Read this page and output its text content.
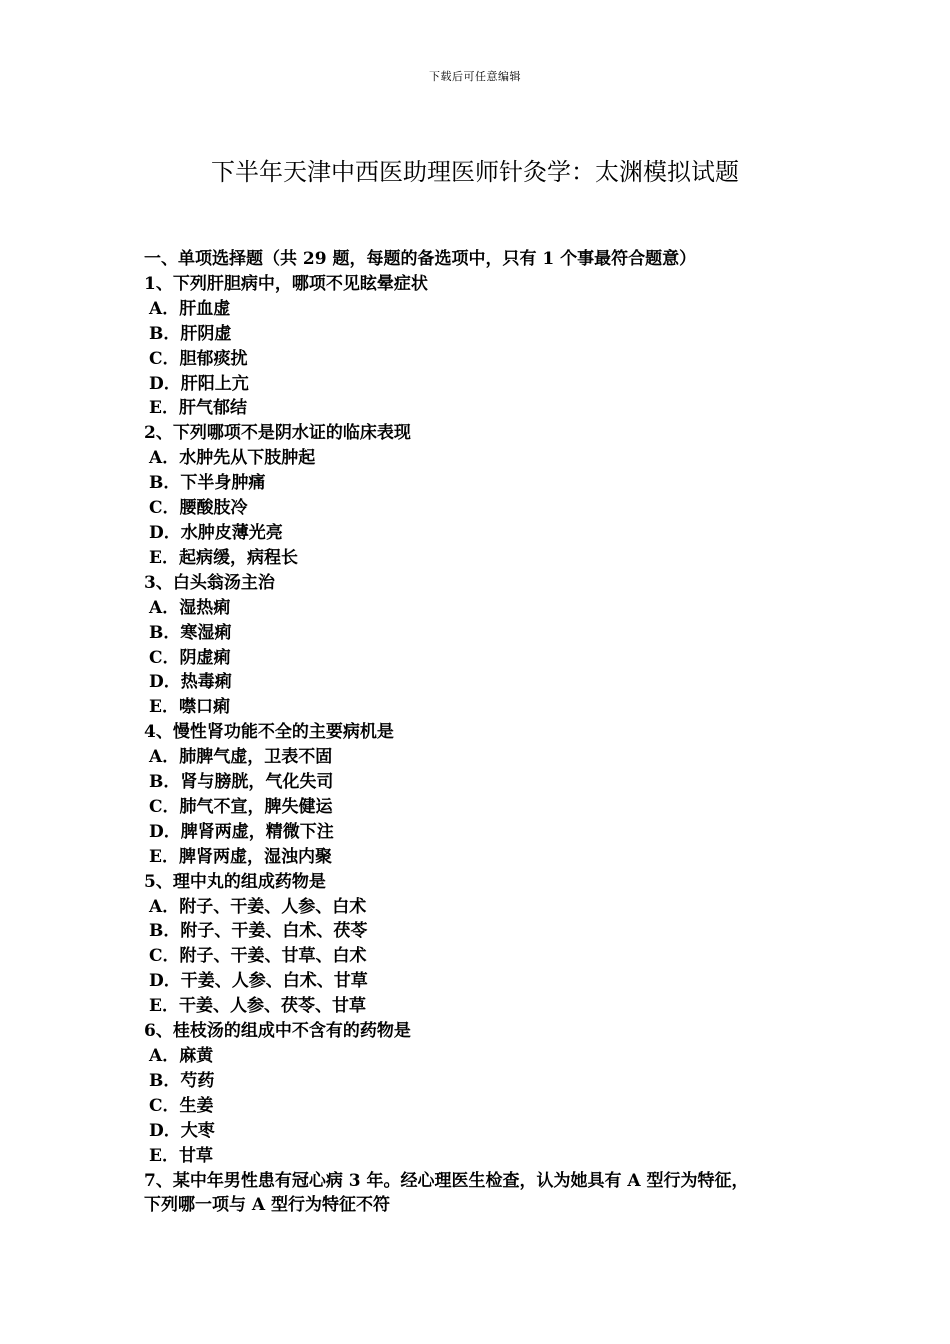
下载后可任意编辑
下半年天津中西医助理医师针灸学：太渊模拟试题
一、单项选择题（共 29 题，每题的备选项中，只有 1 个事最符合题意）
1、下列肝胆病中，哪项不见眩晕症状
A．肝血虚
B．肝阴虚
C．胆郁痰扰
D．肝阳上亢
E．肝气郁结
2、下列哪项不是阴水证的临床表现
A．水肿先从下肢肿起
B．下半身肿痛
C．腰酸肢冷
D．水肿皮薄光亮
E．起病缓，病程长
3、白头翁汤主治
A．湿热痢
B．寒湿痢
C．阴虚痢
D．热毒痢
E．噤口痢
4、慢性肾功能不全的主要病机是
A．肺脾气虚，卫表不固
B．肾与膀胱，气化失司
C．肺气不宣，脾失健运
D．脾肾两虚，精微下注
E．脾肾两虚，湿浊内聚
5、理中丸的组成药物是
A．附子、干姜、人参、白术
B．附子、干姜、白术、茯苓
C．附子、干姜、甘草、白术
D．干姜、人参、白术、甘草
E．干姜、人参、茯苓、甘草
6、桂枝汤的组成中不含有的药物是
A．麻黄
B．芍药
C．生姜
D．大枣
E．甘草
7、某中年男性患有冠心病 3 年。经心理医生检查，认为她具有 A 型行为特征，
下列哪一项与 A 型行为特征不符
